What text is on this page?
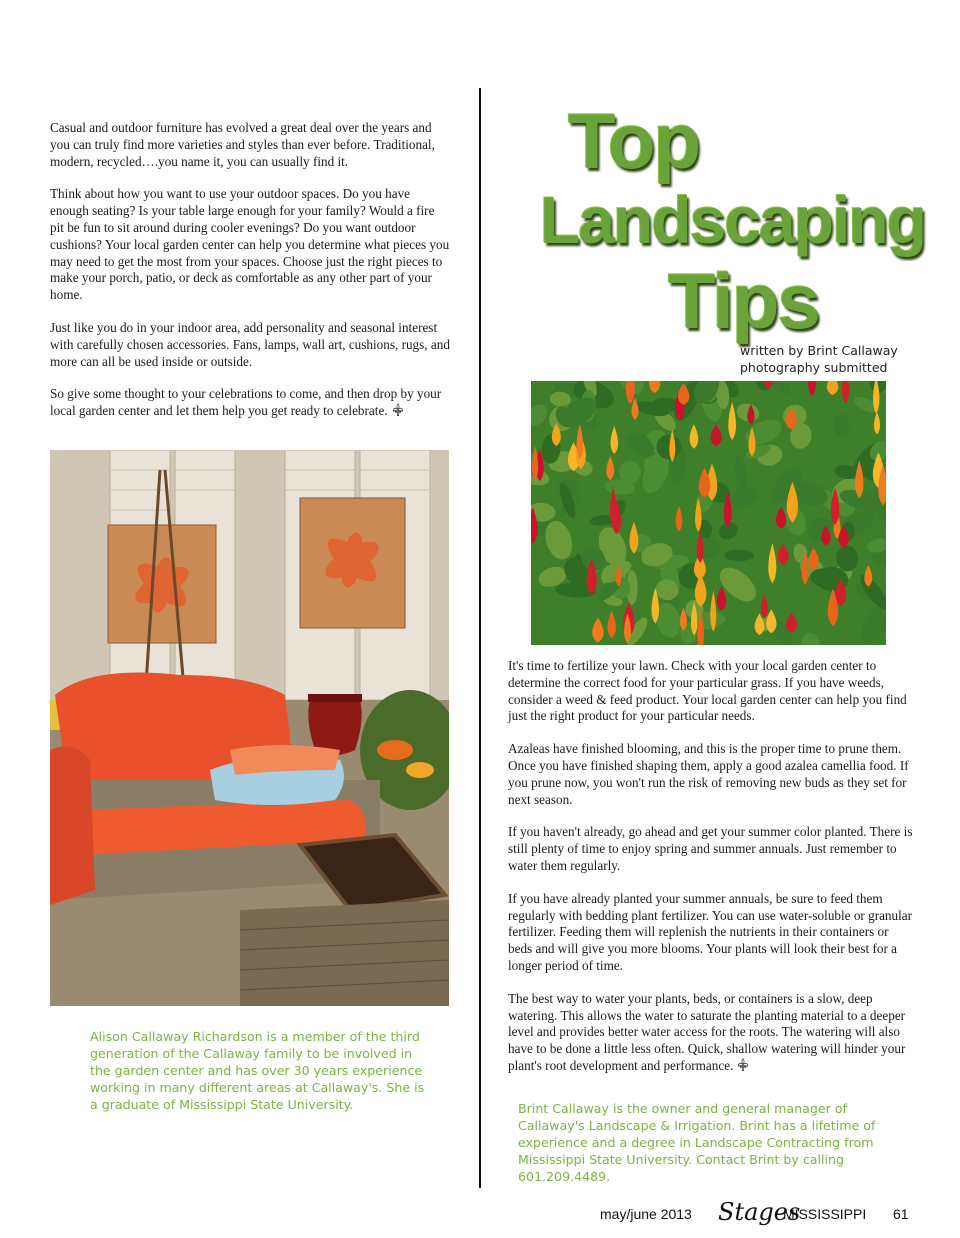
Casual and outdoor furniture has evolved a great deal over the years and you can truly find more varieties and styles than ever before. Traditional, modern, recycled….you name it, you can usually find it.

Think about how you want to use your outdoor spaces. Do you have enough seating? Is your table large enough for your family? Would a fire pit be fun to sit around during cooler evenings? Do you want outdoor cushions? Your local garden center can help you determine what pieces you may need to get the most from your spaces. Choose just the right pieces to make your porch, patio, or deck as comfortable as any other part of your home.

Just like you do in your indoor area, add personality and seasonal interest with carefully chosen accessories. Fans, lamps, wall art, cushions, rugs, and more can all be used inside or outside.

So give some thought to your celebrations to come, and then drop by your local garden center and let them help you get ready to celebrate.

Top
Landscaping
Tips
written by Brint Callaway
photography submitted

It's time to fertilize your lawn. Check with your local garden center to determine the correct food for your particular grass. If you have weeds, consider a weed & feed product. Your local garden center can help you find just the right product for your particular needs.

Azaleas have finished blooming, and this is the proper time to prune them. Once you have finished shaping them, apply a good azalea camellia food. If you prune now, you won't run the risk of removing new buds as they set for next season.

If you haven't already, go ahead and get your summer color planted. There is still plenty of time to enjoy spring and summer annuals. Just remember to water them regularly.

If you have already planted your summer annuals, be sure to feed them regularly with bedding plant fertilizer. You can use water-soluble or granular fertilizer. Feeding them will replenish the nutrients in their containers or beds and will give you more blooms. Your plants will look their best for a longer period of time.

The best way to water your plants, beds, or containers is a slow, deep watering. This allows the water to saturate the planting material to a deeper level and provides better water access for the roots. The watering will also have to be done a little less often. Quick, shallow watering will hinder your plant's root development and performance.

Alison Callaway Richardson is a member of the third generation of the Callaway family to be involved in the garden center and has over 30 years experience working in many different areas at Callaway's. She is a graduate of Mississippi State University.	Brint Callaway is the owner and general manager of Callaway's Landscape & Irrigation. Brint has a lifetime of experience and a degree in Landscape Contracting from Mississippi State University. Contact Brint by calling 601.209.4489.
may/june 2013 Stages
MISSISSIPPI 61
